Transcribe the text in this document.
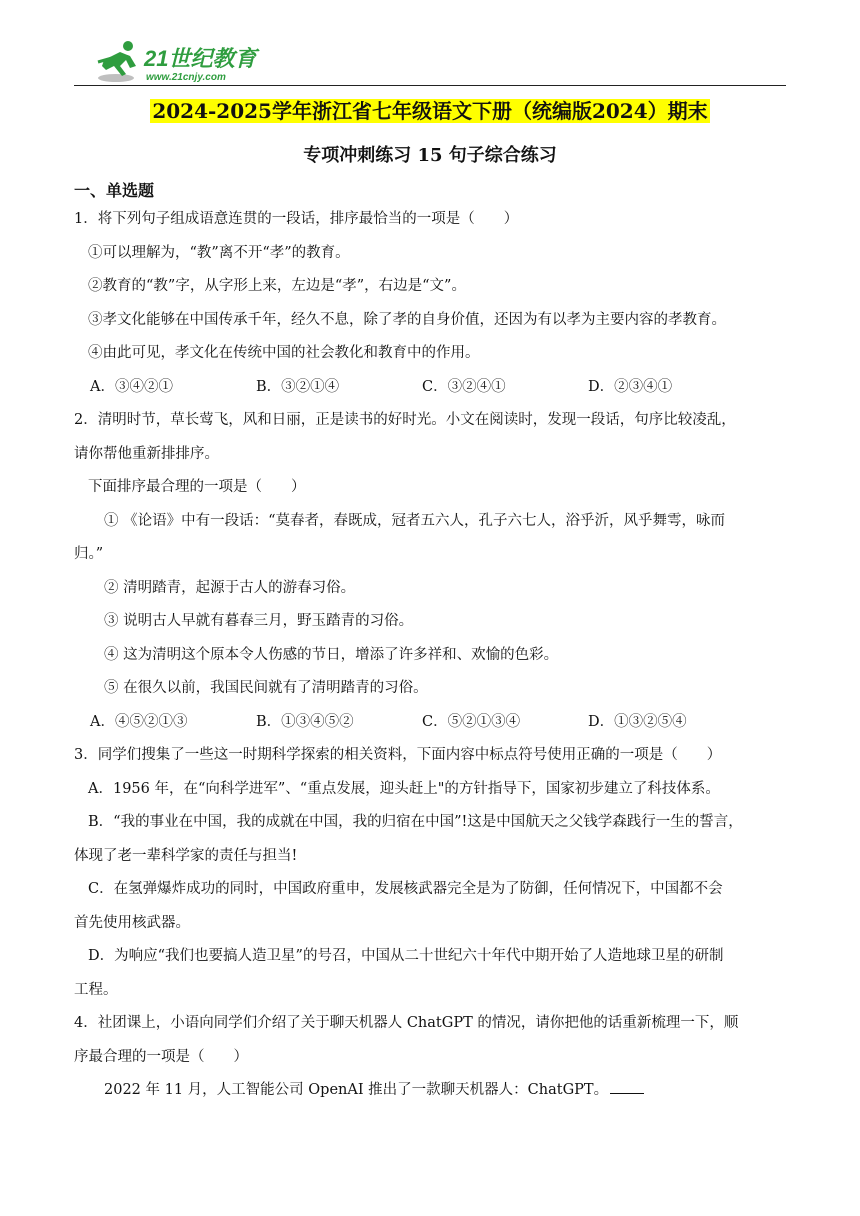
21世纪教育
www.21cnjy.com
2024-2025学年浙江省七年级语文下册（统编版2024）期末
专项冲刺练习 15 句子综合练习
一、单选题
1．将下列句子组成语意连贯的一段话，排序最恰当的一项是（　　）
①可以理解为，“教”离不开“孝”的教育。
②教育的“教”字，从字形上来，左边是“孝”，右边是“文”。
③孝文化能够在中国传承千年，经久不息，除了孝的自身价值，还因为有以孝为主要内容的孝教育。
④由此可见，孝文化在传统中国的社会教化和教育中的作用。
A．③④②①	B．③②①④	C．③②④①	D．②③④①
2．清明时节，草长莺飞，风和日丽，正是读书的好时光。小文在阅读时，发现一段话，句序比较凌乱，
请你帮他重新排排序。
下面排序最合理的一项是（　　）
① 《论语》中有一段话：“莫春者，春既成，冠者五六人，孔子六七人，浴乎沂，风乎舞雩，咏而
归。”
② 清明踏青，起源于古人的游春习俗。
③ 说明古人早就有暮春三月，野玉踏青的习俗。
④ 这为清明这个原本令人伤感的节日，增添了许多祥和、欢愉的色彩。
⑤ 在很久以前，我国民间就有了清明踏青的习俗。
A．④⑤②①③	B．①③④⑤②	C．⑤②①③④	D．①③②⑤④
3．同学们搜集了一些这一时期科学探索的相关资料，下面内容中标点符号使用正确的一项是（　　）
A．1956 年，在“向科学进军”、“重点发展，迎头赶上"的方针指导下，国家初步建立了科技体系。
B．“我的事业在中国，我的成就在中国，我的归宿在中国”!这是中国航天之父钱学森践行一生的誓言，
体现了老一辈科学家的责任与担当!
C．在氢弹爆炸成功的同时，中国政府重申，发展核武器完全是为了防御，任何情况下，中国都不会
首先使用核武器。
D．为响应“我们也要搞人造卫星”的号召，中国从二十世纪六十年代中期开始了人造地球卫星的研制
工程。
4．社团课上，小语向同学们介绍了关于聊天机器人 ChatGPT 的情况，请你把他的话重新梳理一下，顺
序最合理的一项是（　　）
2022 年 11 月，人工智能公司 OpenAI 推出了一款聊天机器人：ChatGPT。
